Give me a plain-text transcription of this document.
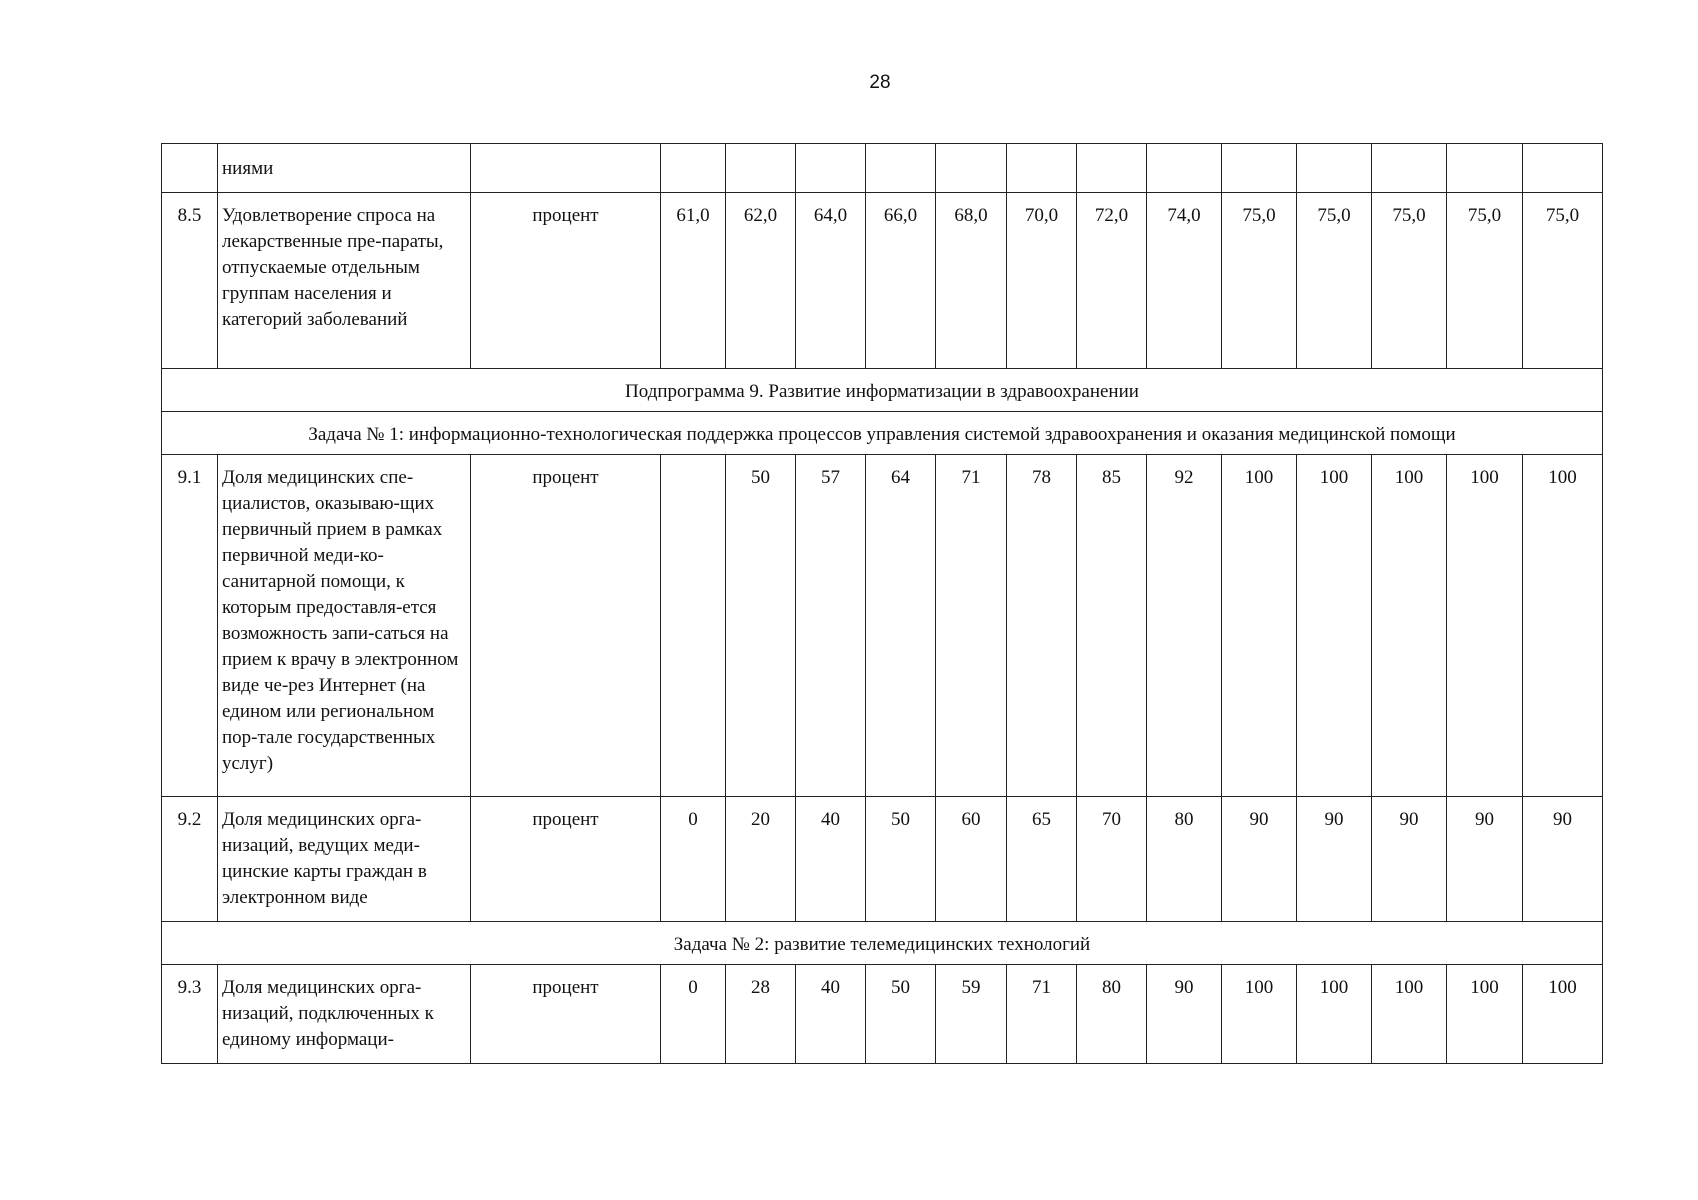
28
	ниями														
8.5	Удовлетворение спроса на лекарственные пре-параты, отпускаемые отдельным группам населения и категорий заболеваний	процент	61,0	62,0	64,0	66,0	68,0	70,0	72,0	74,0	75,0	75,0	75,0	75,0	75,0
Подпрограмма 9. Развитие информатизации в здравоохранении															
Задача № 1: информационно-технологическая поддержка процессов управления системой здравоохранения и оказания медицинской помощи															
9.1	Доля медицинских спе-циалистов, оказываю-щих первичный прием в рамках первичной меди-ко-санитарной помощи, к которым предоставля-ется возможность запи-саться на прием к врачу в электронном виде че-рез Интернет (на едином или региональном пор-тале государственных услуг)	процент		50	57	64	71	78	85	92	100	100	100	100	100
9.2	Доля медицинских орга-низаций, ведущих меди-цинские карты граждан в электронном виде	процент	0	20	40	50	60	65	70	80	90	90	90	90	90
Задача № 2: развитие телемедицинских технологий															
9.3	Доля медицинских орга-низаций, подключенных к единому информаци-	процент	0	28	40	50	59	71	80	90	100	100	100	100	100
